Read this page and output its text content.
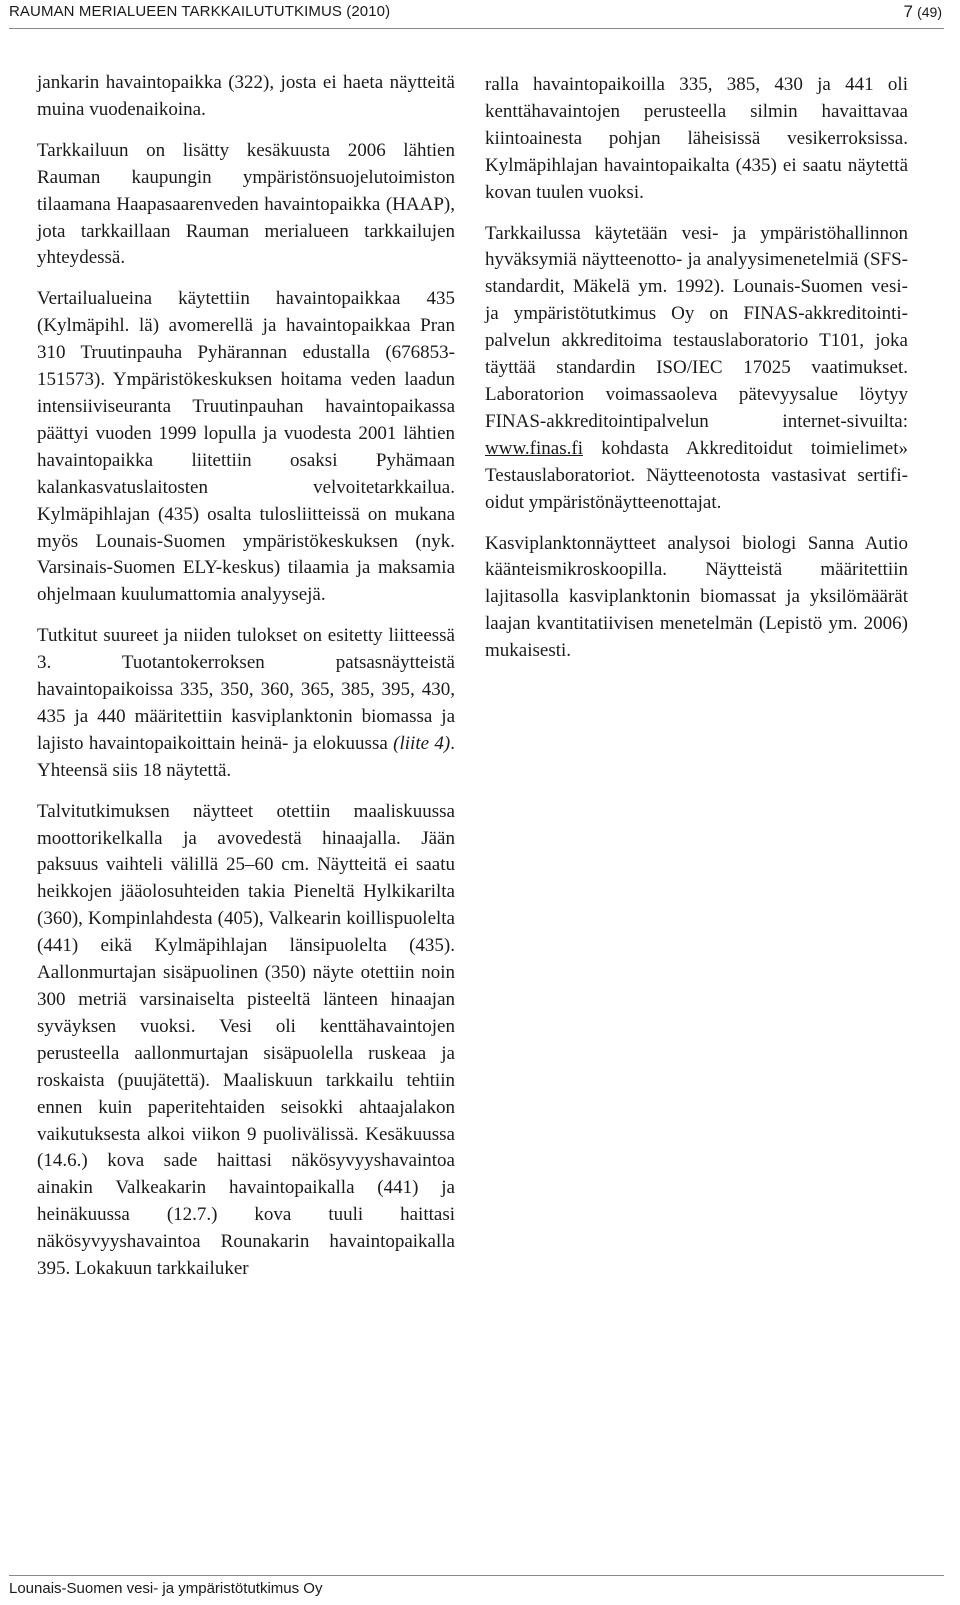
RAUMAN MERIALUEEN TARKKAILUTUTKIMUS (2010)	7 (49)

jankarin havaintopaikka (322), josta ei haeta näytteitä muina vuodenaikoina.

Tarkkailuun on lisätty kesäkuusta 2006 lähtien Rauman kaupungin ympäristönsuojelutoimiston tilaamana Haapasaarenveden havaintopaikka (HAAP), jota tarkkaillaan Rauman merialueen tarkkailujen yhteydessä.

Vertailualueina käytettiin havaintopaikkaa 435 (Kylmäpihl. lä) avomerellä ja havaintopaikkaa Pran 310 Truutinpauha Pyhärannan edustalla (676853-151573). Ympäristökeskuksen hoitama veden laadun intensiiviseuranta Truutinpauhan havaintopaikassa päättyi vuoden 1999 lopulla ja vuodesta 2001 lähtien havaintopaikka liitettiin osaksi Pyhämaan kalankasvatuslaitosten velvoitetarkkailua. Kylmäpihlajan (435) osalta tulosliitteissä on mukana myös Lounais-Suomen ympäristökeskuksen (nyk. Varsinais-Suomen ELY-keskus) tilaamia ja maksamia ohjelmaan kuulumattomia analyysejä.

Tutkitut suureet ja niiden tulokset on esitetty liitteessä 3. Tuotantokerroksen patsasnäytteistä havaintopaikoissa 335, 350, 360, 365, 385, 395, 430, 435 ja 440 määritettiin kasviplanktonin biomassa ja lajisto havaintopaikoittain heinä- ja elokuussa (liite 4). Yhteensä siis 18 näytettä.

Talvitutkimuksen näytteet otettiin maaliskuussa moottorikelkalla ja avovedestä hinaajalla. Jään paksuus vaihteli välillä 25–60 cm. Näytteitä ei saatu heikkojen jääolosuhteiden takia Pieneltä Hylkikarilta (360), Kompinlahdesta (405), Valkearin koillispuolelta (441) eikä Kylmäpihlajan länsipuolelta (435). Aallonmurtajan sisäpuolinen (350) näyte otettiin noin 300 metriä varsinaiselta pisteeltä länteen hinaajan syväyksen vuoksi. Vesi oli kenttähavaintojen perusteella aallonmurtajan sisäpuolella ruskeaa ja roskaista (puujätettä). Maaliskuun tarkkailu tehtiin ennen kuin paperitehtaiden seisokki ahtaajalakon vaikutuksesta alkoi viikon 9 puolivälissä. Kesäkuussa (14.6.) kova sade haittasi näkösyvyyshavaintoa ainakin Valkeakarin havaintopaikalla (441) ja heinäkuussa (12.7.) kova tuuli haittasi näkösyvyyshavaintoa Rounakarin havaintopaikalla 395. Lokakuun tarkkailuker

ralla havaintopaikoilla 335, 385, 430 ja 441 oli kenttähavaintojen perusteella silmin havaittavaa kiintoainesta pohjan läheisissä vesikerroksissa. Kylmäpihlajan havaintopaikalta (435) ei saatu näytettä kovan tuulen vuoksi.

Tarkkailussa käytetään vesi- ja ympäristöhallinnon hyväksymiä näytteenotto- ja analyysimenetelmiä (SFS-standardit, Mäkelä ym. 1992). Lounais-Suomen vesi- ja ympäristötutkimus Oy on FINAS-akkreditointipalvelun akkreditoima testauslaboratorio T101, joka täyttää standardin ISO/IEC 17025 vaatimukset. Laboratorion voimassaoleva pätevyysalue löytyy FINAS-akkreditointipalvelun internet-sivuilta: www.finas.fi kohdasta Akkreditoidut toimielimet» Testauslaboratoriot. Näytteenotosta vastasivat sertifioidut ympäristönäytteenottajat.

Kasviplanktonnäytteet analysoi biologi Sanna Autio käänteismikroskoopilla. Näytteistä määritettiin lajitasolla kasviplanktonin biomassat ja yksilömäärät laajan kvantitatiivisen menetelmän (Lepistö ym. 2006) mukaisesti.

Lounais-Suomen vesi- ja ympäristötutkimus Oy
